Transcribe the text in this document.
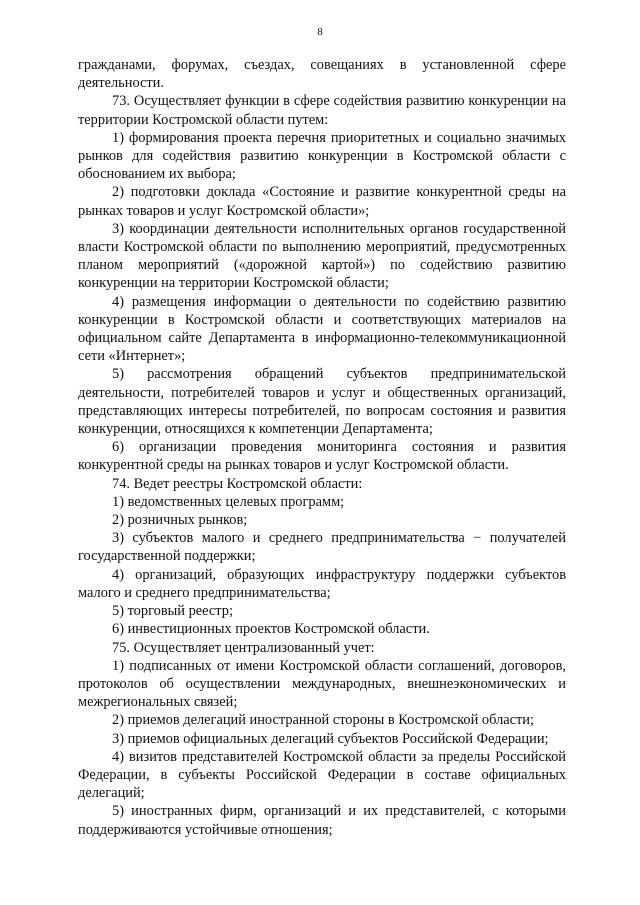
8

гражданами, форумах, съездах, совещаниях в установленной сфере деятельности.

73. Осуществляет функции в сфере содействия развитию конкуренции на территории Костромской области путем:

1) формирования проекта перечня приоритетных и социально значимых рынков для содействия развитию конкуренции в Костромской области с обоснованием их выбора;

2) подготовки доклада «Состояние и развитие конкурентной среды на рынках товаров и услуг Костромской области»;

3) координации деятельности исполнительных органов государственной власти Костромской области по выполнению мероприятий, предусмотренных планом мероприятий («дорожной картой») по содействию развитию конкуренции на территории Костромской области;

4) размещения информации о деятельности по содействию развитию конкуренции в Костромской области и соответствующих материалов на официальном сайте Департамента в информационно-телекоммуникационной сети «Интернет»;

5) рассмотрения обращений субъектов предпринимательской деятельности, потребителей товаров и услуг и общественных организаций, представляющих интересы потребителей, по вопросам состояния и развития конкуренции, относящихся к компетенции Департамента;

6) организации проведения мониторинга состояния и развития конкурентной среды на рынках товаров и услуг Костромской области.

74. Ведет реестры Костромской области:

1) ведомственных целевых программ;

2) розничных рынков;

3) субъектов малого и среднего предпринимательства − получателей государственной поддержки;

4) организаций, образующих инфраструктуру поддержки субъектов малого и среднего предпринимательства;

5) торговый реестр;

6) инвестиционных проектов Костромской области.

75. Осуществляет централизованный учет:

1) подписанных от имени Костромской области соглашений, договоров, протоколов об осуществлении международных, внешнеэкономических и межрегиональных связей;

2) приемов делегаций иностранной стороны в Костромской области;

3) приемов официальных делегаций субъектов Российской Федерации;

4) визитов представителей Костромской области за пределы Российской Федерации, в субъекты Российской Федерации в составе официальных делегаций;

5) иностранных фирм, организаций и их представителей, с которыми поддерживаются устойчивые отношения;
